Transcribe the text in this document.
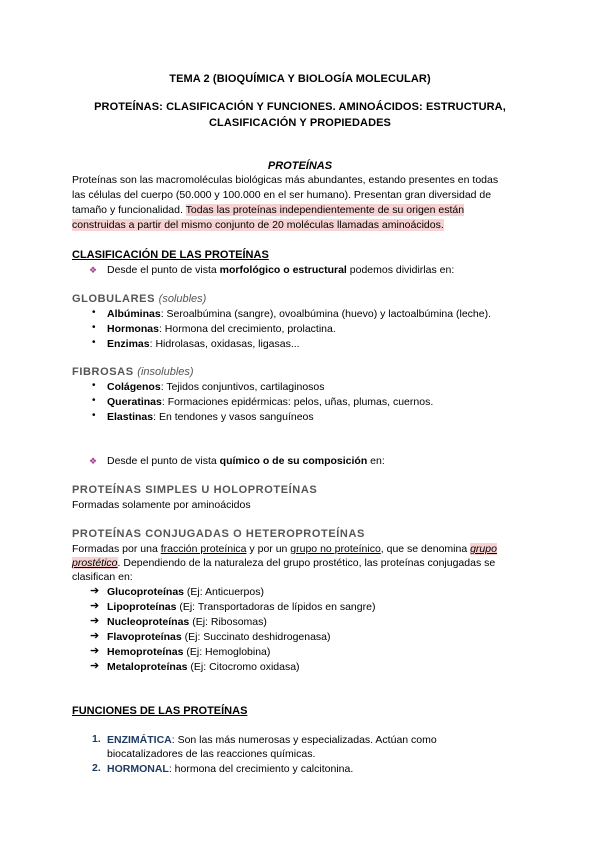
TEMA 2 (BIOQUÍMICA Y BIOLOGÍA MOLECULAR)
PROTEÍNAS: CLASIFICACIÓN Y FUNCIONES. AMINOÁCIDOS: ESTRUCTURA,
CLASIFICACIÓN Y PROPIEDADES
PROTEÍNAS
Proteínas son las macromoléculas biológicas más abundantes, estando presentes en todas
las células del cuerpo (50.000 y 100.000 en el ser humano). Presentan gran diversidad de
tamaño y funcionalidad. Todas las proteínas independientemente de su origen están
construidas a partir del mismo conjunto de 20 moléculas llamadas aminoácidos.
CLASIFICACIÓN DE LAS PROTEÍNAS
❖ Desde el punto de vista morfológico o estructural podemos dividirlas en:
GLOBULARES (solubles)
• Albúminas: Seroalbúmina (sangre), ovoalbúmina (huevo) y lactoalbúmina (leche).
• Hormonas: Hormona del crecimiento, prolactina.
• Enzimas: Hidrolasas, oxidasas, ligasas...
FIBROSAS (insolubles)
• Colágenos: Tejidos conjuntivos, cartilaginosos
• Queratinas: Formaciones epidérmicas: pelos, uñas, plumas, cuernos.
• Elastinas: En tendones y vasos sanguíneos
❖ Desde el punto de vista químico o de su composición en:
PROTEÍNAS SIMPLES U HOLOPROTEÍNAS
Formadas solamente por aminoácidos
PROTEÍNAS CONJUGADAS O HETEROPROTEÍNAS
Formadas por una fracción proteínica y por un grupo no proteínico, que se denomina grupo
prostético. Dependiendo de la naturaleza del grupo prostético, las proteínas conjugadas se
clasifican en:
➔ Glucoproteínas (Ej: Anticuerpos)
➔ Lipoproteínas (Ej: Transportadoras de lípidos en sangre)
➔ Nucleoproteínas (Ej: Ribosomas)
➔ Flavoproteínas (Ej: Succinato deshidrogenasa)
➔ Hemoproteínas (Ej: Hemoglobina)
➔ Metaloproteínas (Ej: Citocromo oxidasa)
FUNCIONES DE LAS PROTEÍNAS
1. ENZIMÁTICA: Son las más numerosas y especializadas. Actúan como
biocatalizadores de las reacciones químicas.
2. HORMONAL: hormona del crecimiento y calcitonina.
